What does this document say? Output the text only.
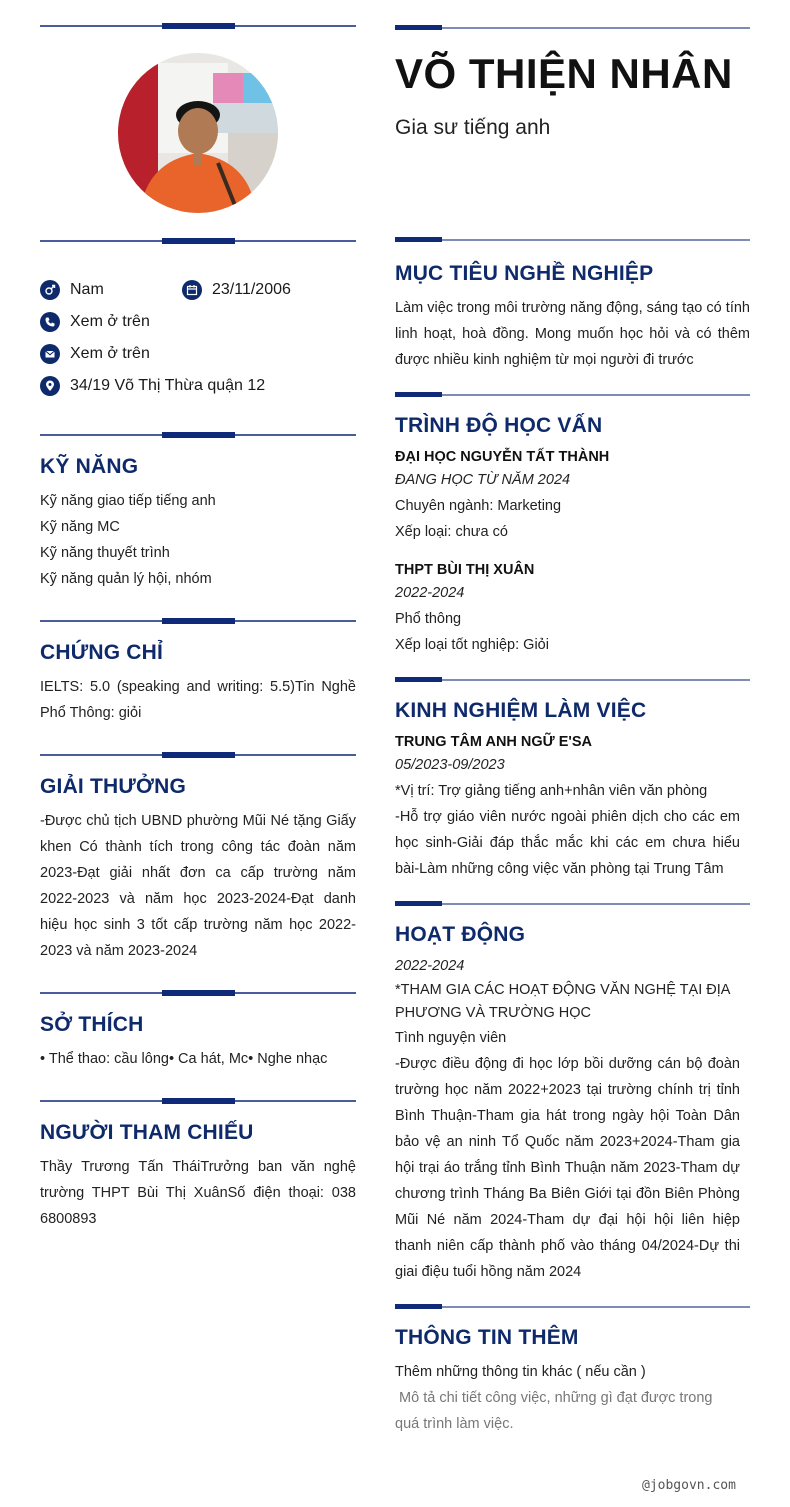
Nam	23/11/2006
Xem ở trên
Xem ở trên
34/19 Võ Thị Thừa quận 12
KỸ NĂNG
Kỹ năng giao tiếp tiếng anh
Kỹ năng MC
Kỹ năng thuyết trình
Kỹ năng quản lý hội, nhóm
CHỨNG CHỈ
IELTS: 5.0 (speaking and writing: 5.5)Tin Nghề Phổ Thông: giỏi
GIẢI THƯỞNG
-Được chủ tịch UBND phường Mũi Né tặng Giấy khen Có thành tích trong công tác đoàn năm 2023-Đạt giải nhất đơn ca cấp trường năm 2022-2023 và năm học 2023-2024-Đạt danh hiệu học sinh 3 tốt cấp trường năm học 2022-2023 và năm 2023-2024
SỞ THÍCH
• Thể thao: cầu lông• Ca hát, Mc• Nghe nhạc
NGƯỜI THAM CHIẾU
Thầy Trương Tấn TháiTrưởng ban văn nghệ trường THPT Bùi Thị XuânSố điện thoại: 038 6800893
VÕ THIỆN NHÂN
Gia sư tiếng anh
MỤC TIÊU NGHỀ NGHIỆP
Làm việc trong môi trường năng động, sáng tạo có tính linh hoạt, hoà đồng. Mong muốn học hỏi và có thêm được nhiều kinh nghiệm từ mọi người đi trước
TRÌNH ĐỘ HỌC VẤN
ĐẠI HỌC NGUYỄN TẤT THÀNH
ĐANG HỌC TỪ NĂM 2024
Chuyên ngành: Marketing
Xếp loại: chưa có
THPT BÙI THỊ XUÂN
2022-2024
Phổ thông
Xếp loại tốt nghiệp: Giỏi
KINH NGHIỆM LÀM VIỆC
TRUNG TÂM ANH NGỮ E'SA
05/2023-09/2023
*Vị trí: Trợ giảng tiếng anh+nhân viên văn phòng
-Hỗ trợ giáo viên nước ngoài phiên dịch cho các em học sinh-Giải đáp thắc mắc khi các em chưa hiểu bài-Làm những công việc văn phòng tại Trung Tâm
HOẠT ĐỘNG
2022-2024
*THAM GIA CÁC HOẠT ĐỘNG VĂN NGHỆ TẠI ĐỊA PHƯƠNG VÀ TRƯỜNG HỌC
Tình nguyện viên
-Được điều động đi học lớp bồi dưỡng cán bộ đoàn trường học năm 2022+2023 tại trường chính trị tỉnh Bình Thuận-Tham gia hát trong ngày hội Toàn Dân bảo vệ an ninh Tổ Quốc năm 2023+2024-Tham gia hội trại áo trắng tỉnh Bình Thuận năm 2023-Tham dự chương trình Tháng Ba Biên Giới tại đồn Biên Phòng Mũi Né năm 2024-Tham dự đại hội hội liên hiệp thanh niên cấp thành phố vào tháng 04/2024-Dự thi giai điệu tuổi hồng năm 2024
THÔNG TIN THÊM
Thêm những thông tin khác ( nếu cần )
Mô tả chi tiết công việc, những gì đạt được trong quá trình làm việc.
@jobgovn.com
